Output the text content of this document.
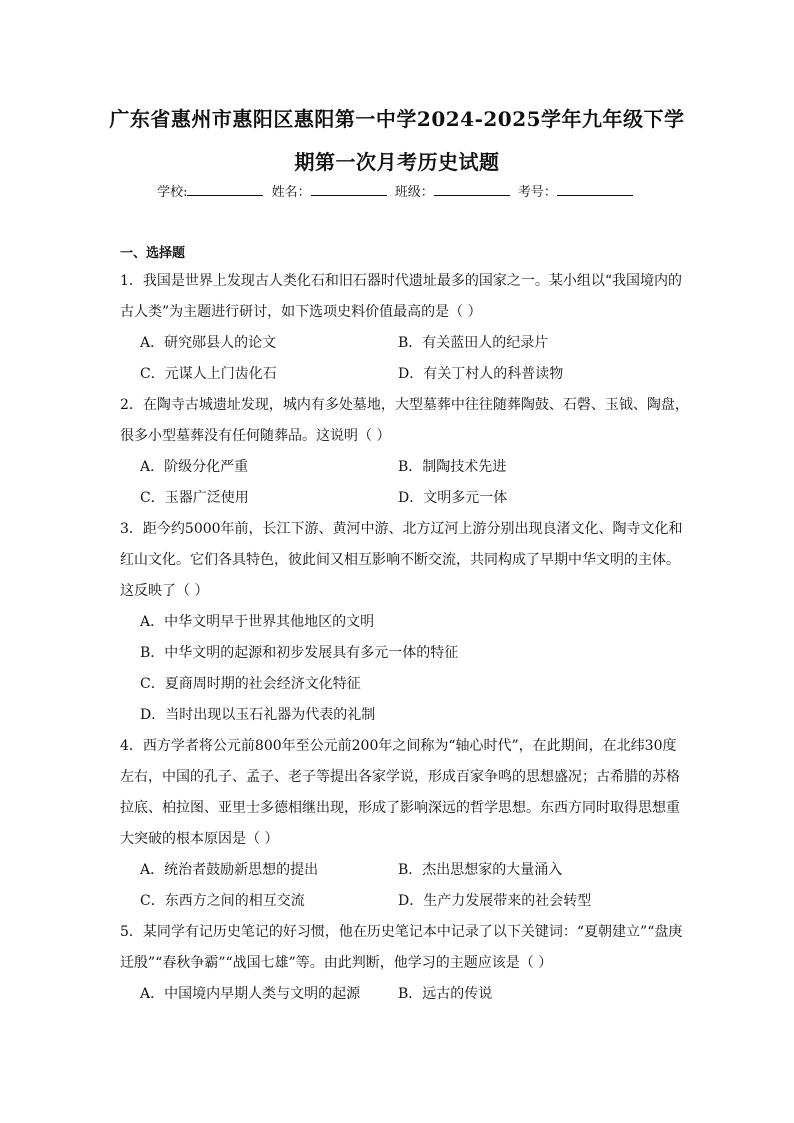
广东省惠州市惠阳区惠阳第一中学2024-2025学年九年级下学
期第一次月考历史试题
学校:	姓名：	班级：	考号：
一、选择题
1．我国是世界上发现古人类化石和旧石器时代遗址最多的国家之一。某小组以“我国境内的
古人类”为主题进行研讨，如下选项史料价值最高的是（ ）
A．研究郧县人的论文	B．有关蓝田人的纪录片
C．元谋人上门齿化石	D．有关丁村人的科普读物
2．在陶寺古城遗址发现，城内有多处墓地，大型墓葬中往往随葬陶鼓、石磬、玉钺、陶盘，
很多小型墓葬没有任何随葬品。这说明（ ）
A．阶级分化严重	B．制陶技术先进
C．玉器广泛使用	D．文明多元一体
3．距今约5000年前，长江下游、黄河中游、北方辽河上游分别出现良渚文化、陶寺文化和
红山文化。它们各具特色，彼此间又相互影响不断交流，共同构成了早期中华文明的主体。
这反映了（ ）
A．中华文明早于世界其他地区的文明
B．中华文明的起源和初步发展具有多元一体的特征
C．夏商周时期的社会经济文化特征
D．当时出现以玉石礼器为代表的礼制
4．西方学者将公元前800年至公元前200年之间称为“轴心时代”，在此期间，在北纬30度
左右，中国的孔子、孟子、老子等提出各家学说，形成百家争鸣的思想盛况；古希腊的苏格
拉底、柏拉图、亚里士多德相继出现，形成了影响深远的哲学思想。东西方同时取得思想重
大突破的根本原因是（ ）
A．统治者鼓励新思想的提出	B．杰出思想家的大量涌入
C．东西方之间的相互交流	D．生产力发展带来的社会转型
5．某同学有记历史笔记的好习惯，他在历史笔记本中记录了以下关键词：“夏朝建立”“盘庚
迁殷”“春秋争霸”“战国七雄”等。由此判断，他学习的主题应该是（ ）
A．中国境内早期人类与文明的起源	B．远古的传说
